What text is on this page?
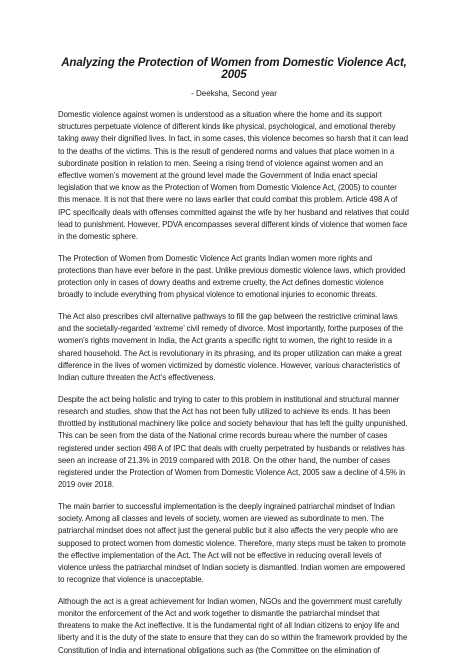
Analyzing the Protection of Women from Domestic Violence Act, 2005
- Deeksha, Second year

Domestic violence against women is understood as a situation where the home and its support structures perpetuate violence of different kinds like physical, psychological, and emotional thereby taking away their dignified lives. In fact, in some cases, this violence becomes so harsh that it can lead to the deaths of the victims. This is the result of gendered norms and values that place women in a subordinate position in relation to men. Seeing a rising trend of violence against women and an effective women’s movement at the ground level made the Government of India enact special legislation that we know as the Protection of Women from Domestic Violence Act, (2005) to counter this menace. It is not that there were no laws earlier that could combat this problem. Article 498 A of IPC specifically deals with offenses committed against the wife by her husband and relatives that could lead to punishment. However, PDVA encompasses several different kinds of violence that women face in the domestic sphere.

The Protection of Women from Domestic Violence Act grants Indian women more rights and protections than have ever before in the past. Unlike previous domestic violence laws, which provided protection only in cases of dowry deaths and extreme cruelty, the Act defines domestic violence broadly to include everything from physical violence to emotional injuries to economic threats.

The Act also prescribes civil alternative pathways to fill the gap between the restrictive criminal laws and the societally-regarded ‘extreme’ civil remedy of divorce. Most importantly, forthe purposes of the women’s rights movement in India, the Act grants a specific right to women, the right to reside in a shared household. The Act is revolutionary in its phrasing, and its proper utilization can make a great difference in the lives of women victimized by domestic violence. However, various characteristics of Indian culture threaten the Act’s effectiveness.

Despite the act being holistic and trying to cater to this problem in institutional and structural manner research and studies, show that the Act has not been fully utilized to achieve its ends. It has been throttled by institutional machinery like police and society behaviour that has left the guilty unpunished. This can be seen from the data of the National crime records bureau where the number of cases registered under section 498 A of IPC that deals with cruelty perpetrated by husbands or relatives has seen an increase of 21.3% in 2019 compared with 2018. On the other hand, the number of cases registered under the Protection of Women from Domestic Violence Act, 2005 saw a decline of 4.5% in 2019 over 2018.

The main barrier to successful implementation is the deeply ingrained patriarchal mindset of Indian society. Among all classes and levels of society, women are viewed as subordinate to men. The patriarchal mindset does not affect just the general public but it also affects the very people who are supposed to protect women from domestic violence. Therefore, many steps must be taken to promote the effective implementation of the Act. The Act will not be effective in reducing overall levels of violence unless the patriarchal mindset of Indian society is dismantled. Indian women are empowered to recognize that violence is unacceptable.

Although the act is a great achievement for Indian women, NGOs and the government must carefully monitor the enforcement of the Act and work together to dismantle the patriarchal mindset that threatens to make the Act ineffective. It is the fundamental right of all Indian citizens to enjoy life and liberty and it is the duty of the state to ensure that they can do so within the framework provided by the Constitution of India and international obligations such as (the Committee on the elimination of
